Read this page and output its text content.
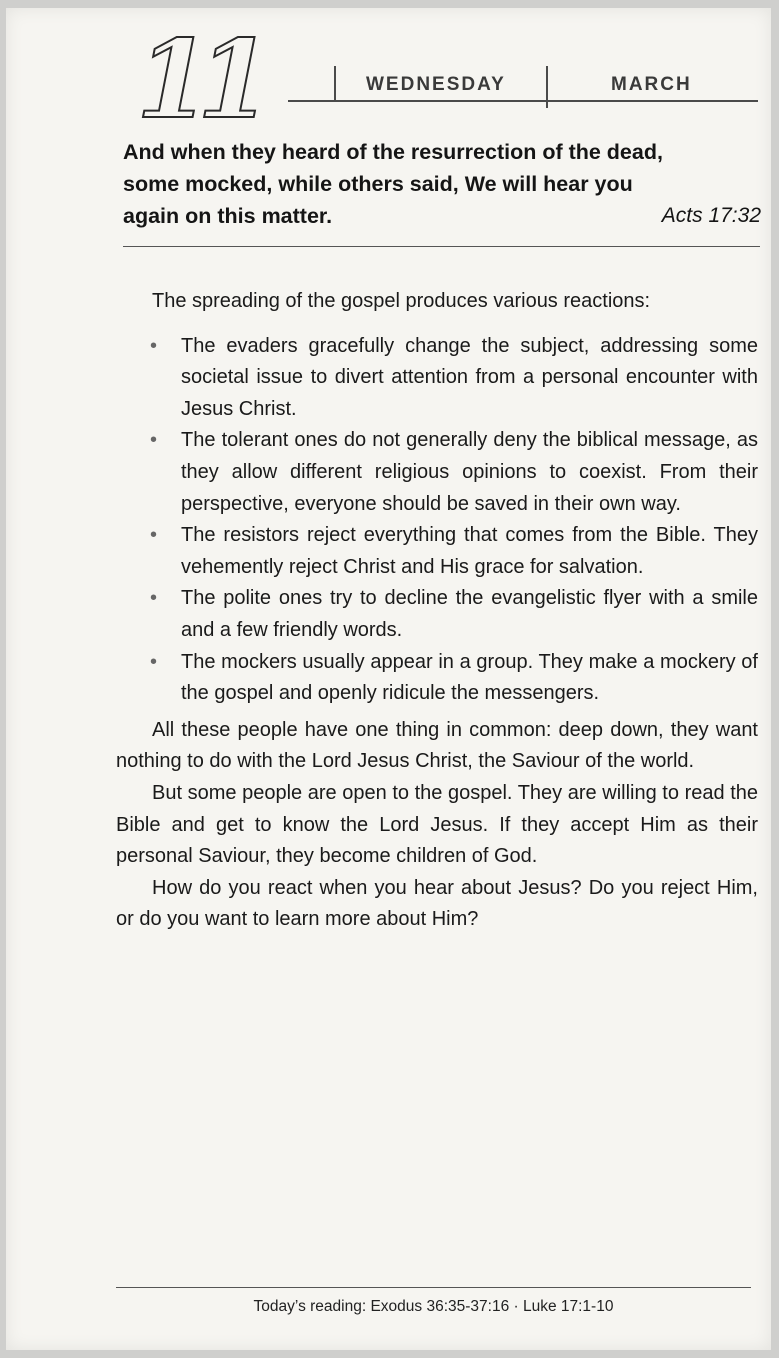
11	WEDNESDAY	MARCH
And when they heard of the resurrection of the dead,
some mocked, while others said, We will hear you
again on this matter.	Acts 17:32

The spreading of the gospel produces various reactions:

• The evaders gracefully change the subject, addressing some societal issue to divert attention from a personal encounter with Jesus Christ.
• The tolerant ones do not generally deny the biblical message, as they allow different religious opinions to coexist. From their perspective, everyone should be saved in their own way.
• The resistors reject everything that comes from the Bible. They vehemently reject Christ and His grace for salvation.
• The polite ones try to decline the evangelistic flyer with a smile and a few friendly words.
• The mockers usually appear in a group. They make a mockery of the gospel and openly ridicule the messengers.

All these people have one thing in common: deep down, they want nothing to do with the Lord Jesus Christ, the Saviour of the world.

But some people are open to the gospel. They are willing to read the Bible and get to know the Lord Jesus. If they accept Him as their personal Saviour, they become children of God.

How do you react when you hear about Jesus? Do you reject Him, or do you want to learn more about Him?

Today’s reading: Exodus 36:35-37:16 · Luke 17:1-10
